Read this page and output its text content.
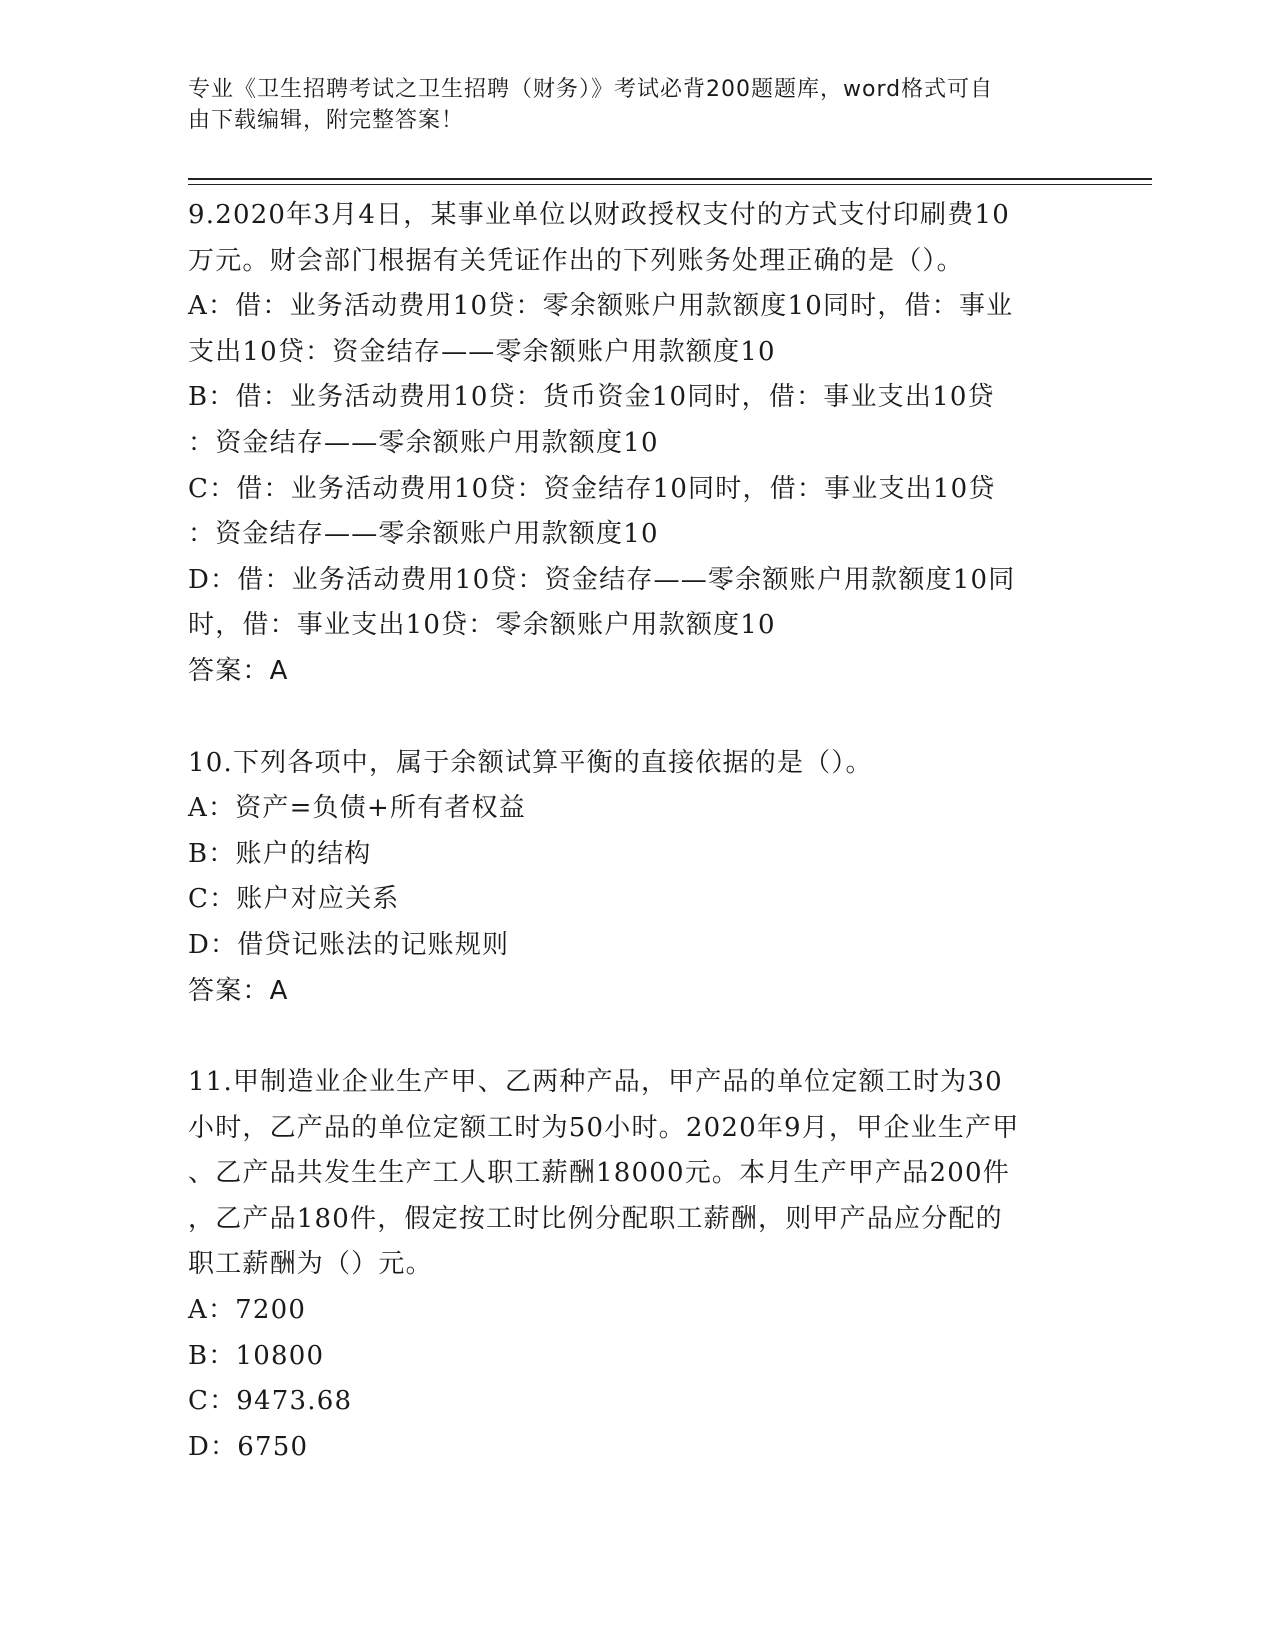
专业《卫生招聘考试之卫生招聘（财务）》考试必背200题题库，word格式可自
由下载编辑，附完整答案！
9.2020年3月4日，某事业单位以财政授权支付的方式支付印刷费10
万元。财会部门根据有关凭证作出的下列账务处理正确的是（）。
A：借：业务活动费用10贷：零余额账户用款额度10同时，借：事业
支出10贷：资金结存——零余额账户用款额度10
B：借：业务活动费用10贷：货币资金10同时，借：事业支出10贷
：资金结存——零余额账户用款额度10
C：借：业务活动费用10贷：资金结存10同时，借：事业支出10贷
：资金结存——零余额账户用款额度10
D：借：业务活动费用10贷：资金结存——零余额账户用款额度10同
时，借：事业支出10贷：零余额账户用款额度10
答案：A
10.下列各项中，属于余额试算平衡的直接依据的是（）。
A：资产=负债+所有者权益
B：账户的结构
C：账户对应关系
D：借贷记账法的记账规则
答案：A
11.甲制造业企业生产甲、乙两种产品，甲产品的单位定额工时为30
小时，乙产品的单位定额工时为50小时。2020年9月，甲企业生产甲
、乙产品共发生生产工人职工薪酬18000元。本月生产甲产品200件
，乙产品180件，假定按工时比例分配职工薪酬，则甲产品应分配的
职工薪酬为（）元。
A：7200
B：10800
C：9473.68
D：6750
